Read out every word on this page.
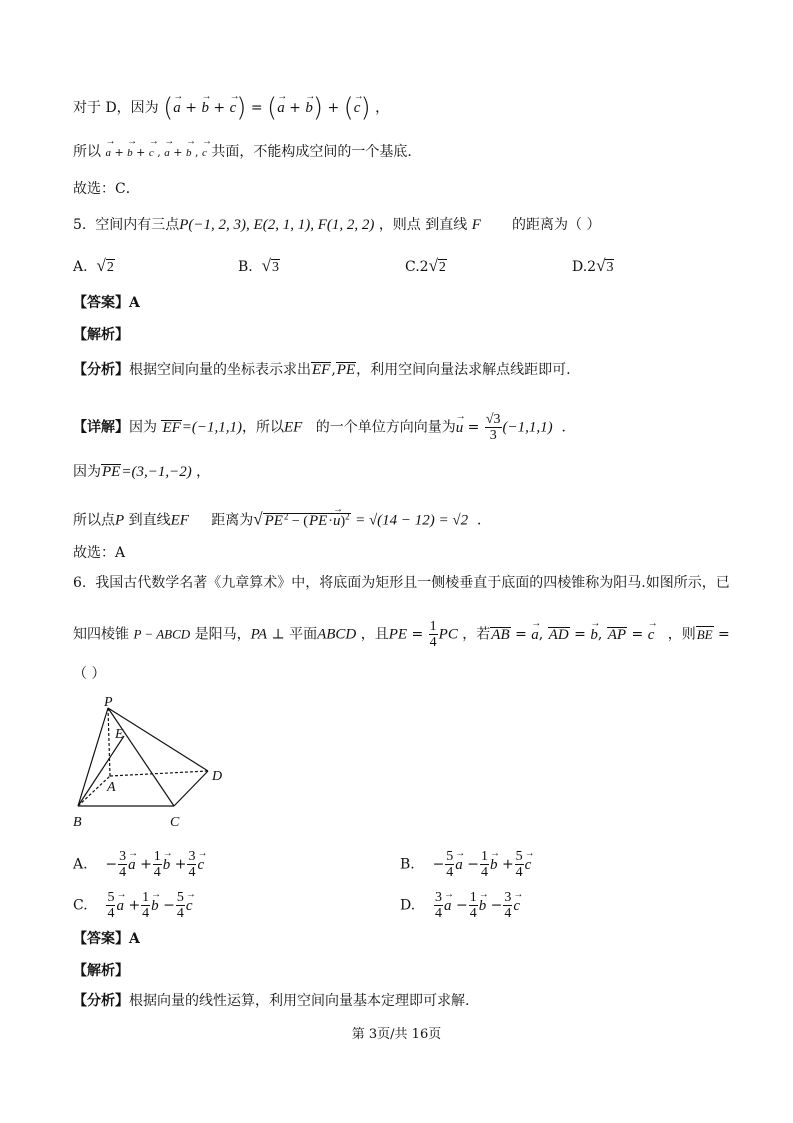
对于 D，因为 (→ a + → b + → c) = (→ a + → b) + (→ c) ，
所以 → a + → b + → c , → a + → b , → c 共面，不能构成空间的一个基底.
故选：C．
5. 空间内有三点P(−1, 2, 3), E(2, 1, 1), F(1, 2, 2) ，则点 到直线 F 的距离为（ ）
A. √2	B. √3	C.2√2	D.2√3
【答案】A
【解析】
【分析】根据空间向量的坐标表示求出EF,PE，利用空间向量法求解点线距即可.
【详解】因为 EF=(−1,1,1)，所以EF 的一个单位方向向量为→ $u = \frac{√3}{3} (-1,1,1)$  ．
因为PE=(3,−1,−2) ，
所以点P 到直线EF 距离为√ $PE^2 - (PE\cdot\to u)^2 = √(14 - 12) = √2$  ．
故选：A
6. 我国古代数学名著《九章算术》中，将底面为矩形且一侧棱垂直于底面的四棱锥称为阳马.如图所示，已
知四棱锥 P − ABCD 是阳马，PA ⊥ 平面ABCD ，且PE = $\frac{1}{4}$ PC ，若AB = → a, AD = → b, AP = → c ，则BE =
（ ）
P
E
A
B	C
D
A. − $\frac{3}{4}$
→ $a + \frac{1}{4}$
→ $b + \frac{3}{4}$
→ c	B. − $\frac{5}{4}$
→ $a - \frac{1}{4}$
→ $b + \frac{5}{4}$
→ c
C. $\frac{5}{4}$
→ $a + \frac{1}{4}$
→ $b - \frac{5}{4}$
→ c	D. $\frac{3}{4}$
→ $a - \frac{1}{4}$
→ $b - \frac{3}{4}$
→ c
【答案】A
【解析】
【分析】根据向量的线性运算，利用空间向量基本定理即可求解.
第 3页/共 16页
